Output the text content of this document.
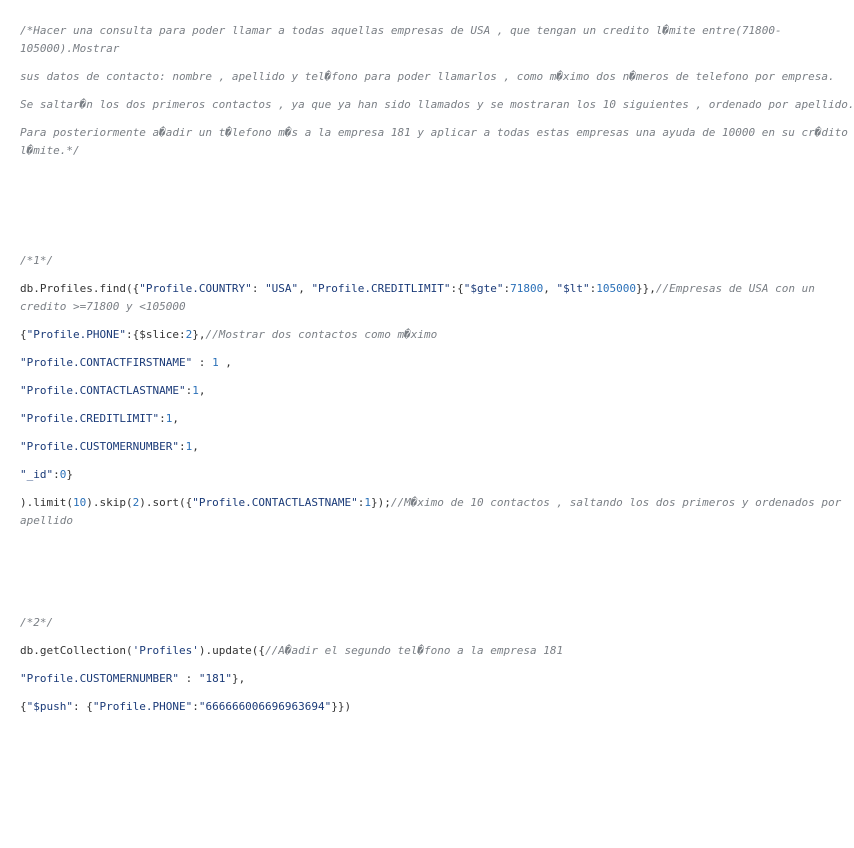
/*Hacer una consulta para poder llamar a todas aquellas empresas de USA , que tengan un credito l�mite entre(71800-105000).Mostrar
sus datos de contacto: nombre , apellido y tel�fono para poder llamarlos , como m�ximo dos n�meros de telefono por empresa.
Se saltar�n los dos primeros contactos , ya que ya han sido llamados y se mostraran los 10 siguientes , ordenado por apellido.
Para posteriormente a�adir un t�lefono m�s a la empresa 181 y aplicar a todas estas empresas una ayuda de 10000 en su cr�dito l�mite.*/
/*1*/
db.Profiles.find({"Profile.COUNTRY": "USA", "Profile.CREDITLIMIT":{"$gte":71800, "$lt":105000}},//Empresas de USA con un credito >=71800 y <105000
{"Profile.PHONE":{$slice:2},//Mostrar dos contactos como m�ximo
"Profile.CONTACTFIRSTNAME" : 1 ,
"Profile.CONTACTLASTNAME":1,
"Profile.CREDITLIMIT":1,
"Profile.CUSTOMERNUMBER":1,
"_id":0}
).limit(10).skip(2).sort({"Profile.CONTACTLASTNAME":1});//M�ximo de 10 contactos , saltando los dos primeros y ordenados por apellido
/*2*/
db.getCollection('Profiles').update({//A�adir el segundo tel�fono a la empresa 181
"Profile.CUSTOMERNUMBER" : "181"},
{"$push": {"Profile.PHONE":"666666006696963694"}})
